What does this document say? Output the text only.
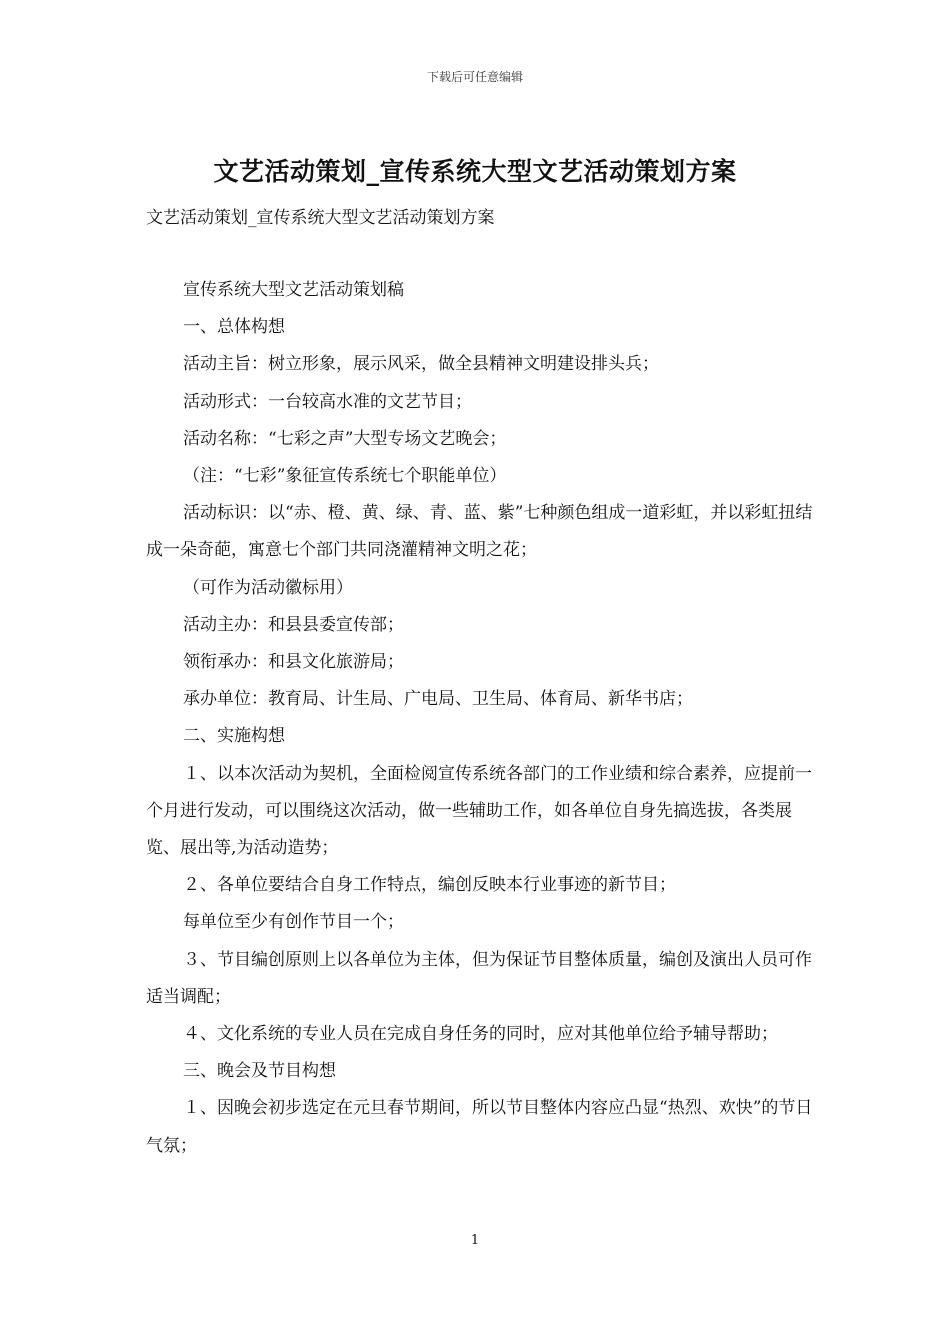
下载后可任意编辑
文艺活动策划_宣传系统大型文艺活动策划方案
文艺活动策划_宣传系统大型文艺活动策划方案

宣传系统大型文艺活动策划稿

一、总体构想

活动主旨：树立形象，展示风采，做全县精神文明建设排头兵；

活动形式：一台较高水准的文艺节目；

活动名称：“七彩之声”大型专场文艺晚会；

（注：“七彩”象征宣传系统七个职能单位）

活动标识：以“赤、橙、黄、绿、青、蓝、紫”七种颜色组成一道彩虹，并以彩虹扭结成一朵奇葩，寓意七个部门共同浇灌精神文明之花；

（可作为活动徽标用）

活动主办：和县县委宣传部；

领衔承办：和县文化旅游局；

承办单位：教育局、计生局、广电局、卫生局、体育局、新华书店；

二、实施构想

１、以本次活动为契机，全面检阅宣传系统各部门的工作业绩和综合素养，应提前一个月进行发动，可以围绕这次活动，做一些辅助工作，如各单位自身先搞选拔，各类展览、展出等,为活动造势；

２、各单位要结合自身工作特点，编创反映本行业事迹的新节目；

每单位至少有创作节目一个；

３、节目编创原则上以各单位为主体，但为保证节目整体质量，编创及演出人员可作适当调配；

４、文化系统的专业人员在完成自身任务的同时，应对其他单位给予辅导帮助；

三、晚会及节目构想

１、因晚会初步选定在元旦春节期间，所以节目整体内容应凸显“热烈、欢快”的节日气氛；

1
